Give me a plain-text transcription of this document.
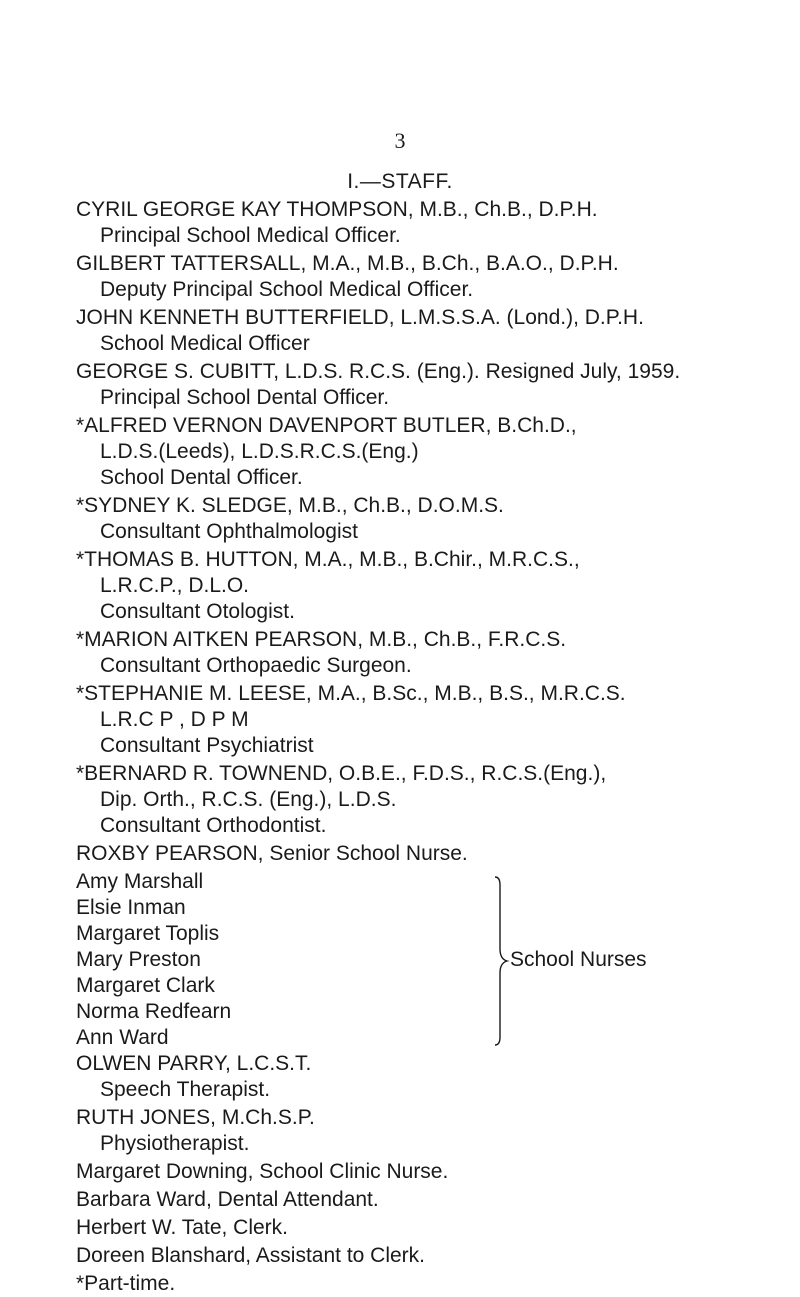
3
I.—STAFF.
CYRIL GEORGE KAY THOMPSON, M.B., Ch.B., D.P.H.
Principal School Medical Officer.
GILBERT TATTERSALL, M.A., M.B., B.Ch., B.A.O., D.P.H.
Deputy Principal School Medical Officer.
JOHN KENNETH BUTTERFIELD, L.M.S.S.A. (Lond.), D.P.H.
School Medical Officer
GEORGE S. CUBITT, L.D.S. R.C.S. (Eng.). Resigned July, 1959.
Principal School Dental Officer.
*ALFRED VERNON DAVENPORT BUTLER, B.Ch.D.,
L.D.S.(Leeds), L.D.S.R.C.S.(Eng.)
School Dental Officer.
*SYDNEY K. SLEDGE, M.B., Ch.B., D.O.M.S.
Consultant Ophthalmologist
*THOMAS B. HUTTON, M.A., M.B., B.Chir., M.R.C.S.,
L.R.C.P., D.L.O.
Consultant Otologist.
*MARION AITKEN PEARSON, M.B., Ch.B., F.R.C.S.
Consultant Orthopaedic Surgeon.
*STEPHANIE M. LEESE, M.A., B.Sc., M.B., B.S., M.R.C.S.
L.R.C P , D P M
Consultant Psychiatrist
*BERNARD R. TOWNEND, O.B.E., F.D.S., R.C.S.(Eng.),
Dip. Orth., R.C.S. (Eng.), L.D.S.
Consultant Orthodontist.
ROXBY PEARSON, Senior School Nurse.
Amy Marshall
Elsie Inman
Margaret Toplis
Mary Preston
Margaret Clark
Norma Redfearn
Ann Ward
School Nurses
OLWEN PARRY, L.C.S.T.
Speech Therapist.
RUTH JONES, M.Ch.S.P.
Physiotherapist.
Margaret Downing, School Clinic Nurse.
Barbara Ward, Dental Attendant.
Herbert W. Tate, Clerk.
Doreen Blanshard, Assistant to Clerk.
*Part-time.
